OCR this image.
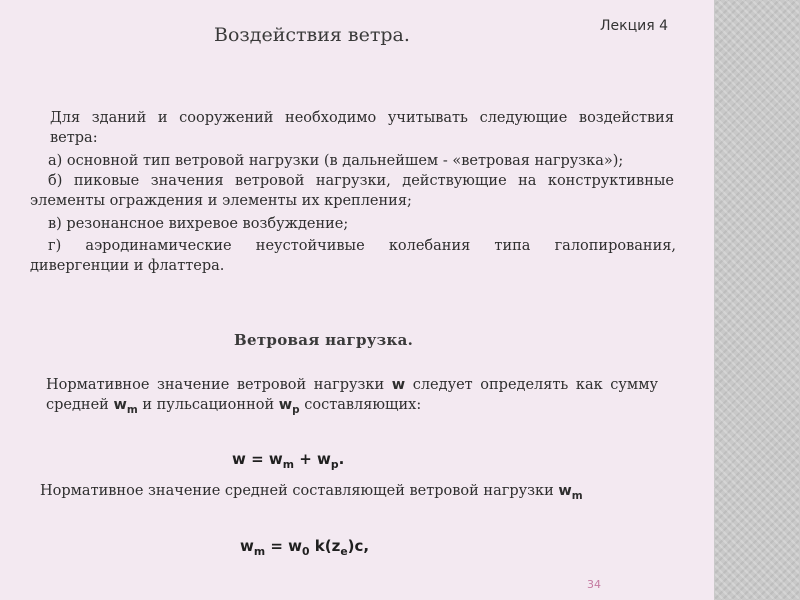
Воздействия ветра.	Лекция 4

Для зданий и сооружений необходимо учитывать следующие воздействия ветра:

а) основной тип ветровой нагрузки (в дальнейшем - «ветровая нагрузка»);

б) пиковые значения ветровой нагрузки, действующие на конструктивные элементы ограждения и элементы их крепления;

в) резонансное вихревое возбуждение;

г) аэродинамические неустойчивые колебания типа галопирования, дивергенции и флаттера.

Ветровая нагрузка.

Нормативное значение ветровой нагрузки w следует определять как сумму средней $w_m$ и пульсационной $w_p$ составляющих:

$w = w_m + w_p$.

Нормативное значение средней составляющей ветровой нагрузки $w_m$

$w_m = w_0$ $k(z_e)c$,

34
